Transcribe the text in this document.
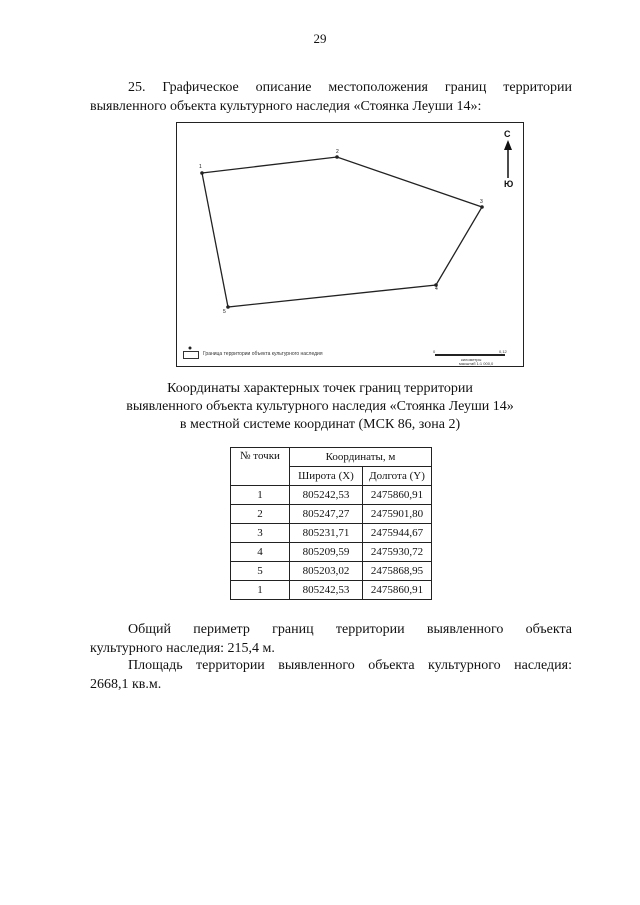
29
25. Графическое описание местоположения границ территории
выявленного объекта культурного наследия «Стоянка Леуши 14»:
1
2
3
4
5
С
Ю
Граница территории объекта культурного наследия	0	0,12
километры
масштаб 1:1 000,0
Координаты характерных точек границ территории
выявленного объекта культурного наследия «Стоянка Леуши 14»
в местной системе координат (МСК 86, зона 2)
№ точки	Координаты, м	
	Широта (X)	Долгота (Y)
1	805242,53	2475860,91
2	805247,27	2475901,80
3	805231,71	2475944,67
4	805209,59	2475930,72
5	805203,02	2475868,95
1	805242,53	2475860,91
Общий периметр границ территории выявленного объекта
культурного наследия: 215,4 м.
Площадь территории выявленного объекта культурного наследия:
2668,1 кв.м.
